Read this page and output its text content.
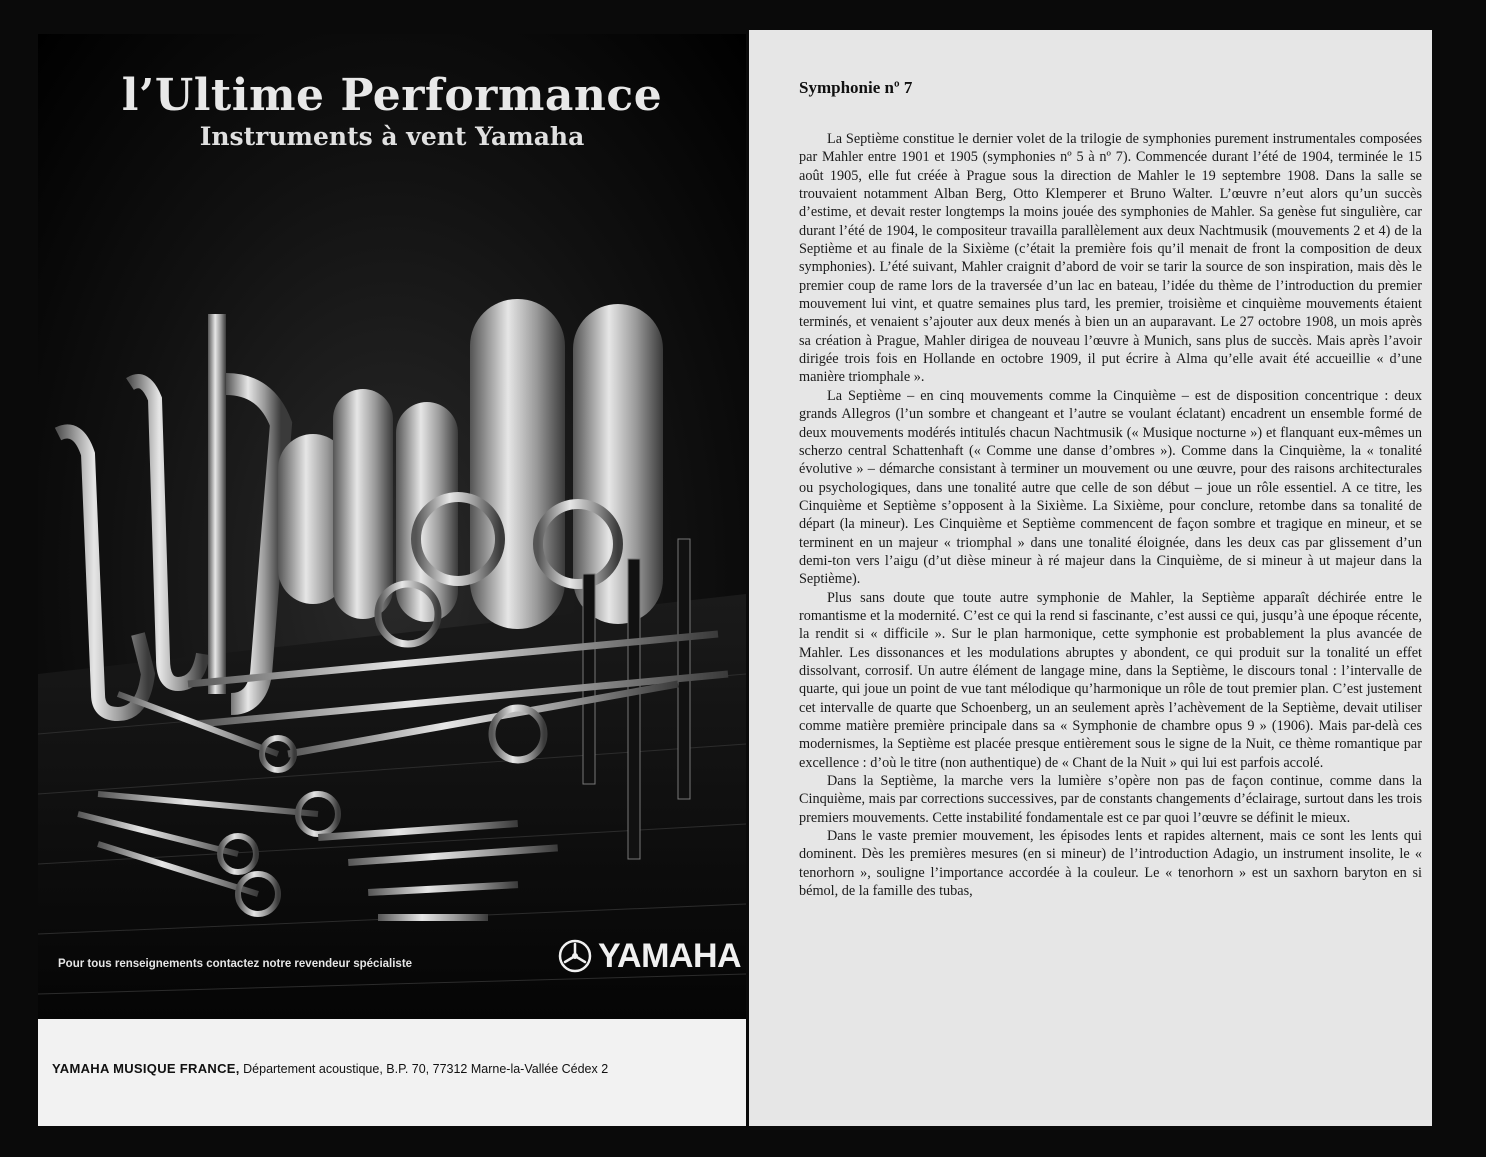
l’Ultime Performance
Instruments à vent Yamaha
Pour tous renseignements contactez notre revendeur spécialiste	YAMAHA
YAMAHA MUSIQUE FRANCE, Département acoustique, B.P. 70, 77312 Marne-la-Vallée Cédex 2
Symphonie nº 7

La Septième constitue le dernier volet de la trilogie de symphonies purement instrumentales composées par Mahler entre 1901 et 1905 (symphonies nº 5 à nº 7). Commencée durant l’été de 1904, terminée le 15 août 1905, elle fut créée à Prague sous la direction de Mahler le 19 septembre 1908. Dans la salle se trouvaient notamment Alban Berg, Otto Klemperer et Bruno Walter. L’œuvre n’eut alors qu’un succès d’estime, et devait rester longtemps la moins jouée des symphonies de Mahler. Sa genèse fut singulière, car durant l’été de 1904, le compositeur travailla parallèlement aux deux Nachtmusik (mouvements 2 et 4) de la Septième et au finale de la Sixième (c’était la première fois qu’il menait de front la composition de deux symphonies). L’été suivant, Mahler craignit d’abord de voir se tarir la source de son inspiration, mais dès le premier coup de rame lors de la traversée d’un lac en bateau, l’idée du thème de l’introduction du premier mouvement lui vint, et quatre semaines plus tard, les premier, troisième et cinquième mouvements étaient terminés, et venaient s’ajouter aux deux menés à bien un an auparavant. Le 27 octobre 1908, un mois après sa création à Prague, Mahler dirigea de nouveau l’œuvre à Munich, sans plus de succès. Mais après l’avoir dirigée trois fois en Hollande en octobre 1909, il put écrire à Alma qu’elle avait été accueillie « d’une manière triomphale ».

La Septième – en cinq mouvements comme la Cinquième – est de disposition concentrique : deux grands Allegros (l’un sombre et changeant et l’autre se voulant éclatant) encadrent un ensemble formé de deux mouvements modérés intitulés chacun Nachtmusik (« Musique nocturne ») et flanquant eux-mêmes un scherzo central Schattenhaft (« Comme une danse d’ombres »). Comme dans la Cinquième, la « tonalité évolutive » – démarche consistant à terminer un mouvement ou une œuvre, pour des raisons architecturales ou psychologiques, dans une tonalité autre que celle de son début – joue un rôle essentiel. A ce titre, les Cinquième et Septième s’opposent à la Sixième. La Sixième, pour conclure, retombe dans sa tonalité de départ (la mineur). Les Cinquième et Septième commencent de façon sombre et tragique en mineur, et se terminent en un majeur « triomphal » dans une tonalité éloignée, dans les deux cas par glissement d’un demi-ton vers l’aigu (d’ut dièse mineur à ré majeur dans la Cinquième, de si mineur à ut majeur dans la Septième).

Plus sans doute que toute autre symphonie de Mahler, la Septième apparaît déchirée entre le romantisme et la modernité. C’est ce qui la rend si fascinante, c’est aussi ce qui, jusqu’à une époque récente, la rendit si « difficile ». Sur le plan harmonique, cette symphonie est probablement la plus avancée de Mahler. Les dissonances et les modulations abruptes y abondent, ce qui produit sur la tonalité un effet dissolvant, corrosif. Un autre élément de langage mine, dans la Septième, le discours tonal : l’intervalle de quarte, qui joue un point de vue tant mélodique qu’harmonique un rôle de tout premier plan. C’est justement cet intervalle de quarte que Schoenberg, un an seulement après l’achèvement de la Septième, devait utiliser comme matière première principale dans sa « Symphonie de chambre opus 9 » (1906). Mais par-delà ces modernismes, la Septième est placée presque entièrement sous le signe de la Nuit, ce thème romantique par excellence : d’où le titre (non authentique) de « Chant de la Nuit » qui lui est parfois accolé.

Dans la Septième, la marche vers la lumière s’opère non pas de façon continue, comme dans la Cinquième, mais par corrections successives, par de constants changements d’éclairage, surtout dans les trois premiers mouvements. Cette instabilité fondamentale est ce par quoi l’œuvre se définit le mieux.

Dans le vaste premier mouvement, les épisodes lents et rapides alternent, mais ce sont les lents qui dominent. Dès les premières mesures (en si mineur) de l’introduction Adagio, un instrument insolite, le « tenorhorn », souligne l’importance accordée à la couleur. Le « tenorhorn » est un saxhorn baryton en si bémol, de la famille des tubas,
